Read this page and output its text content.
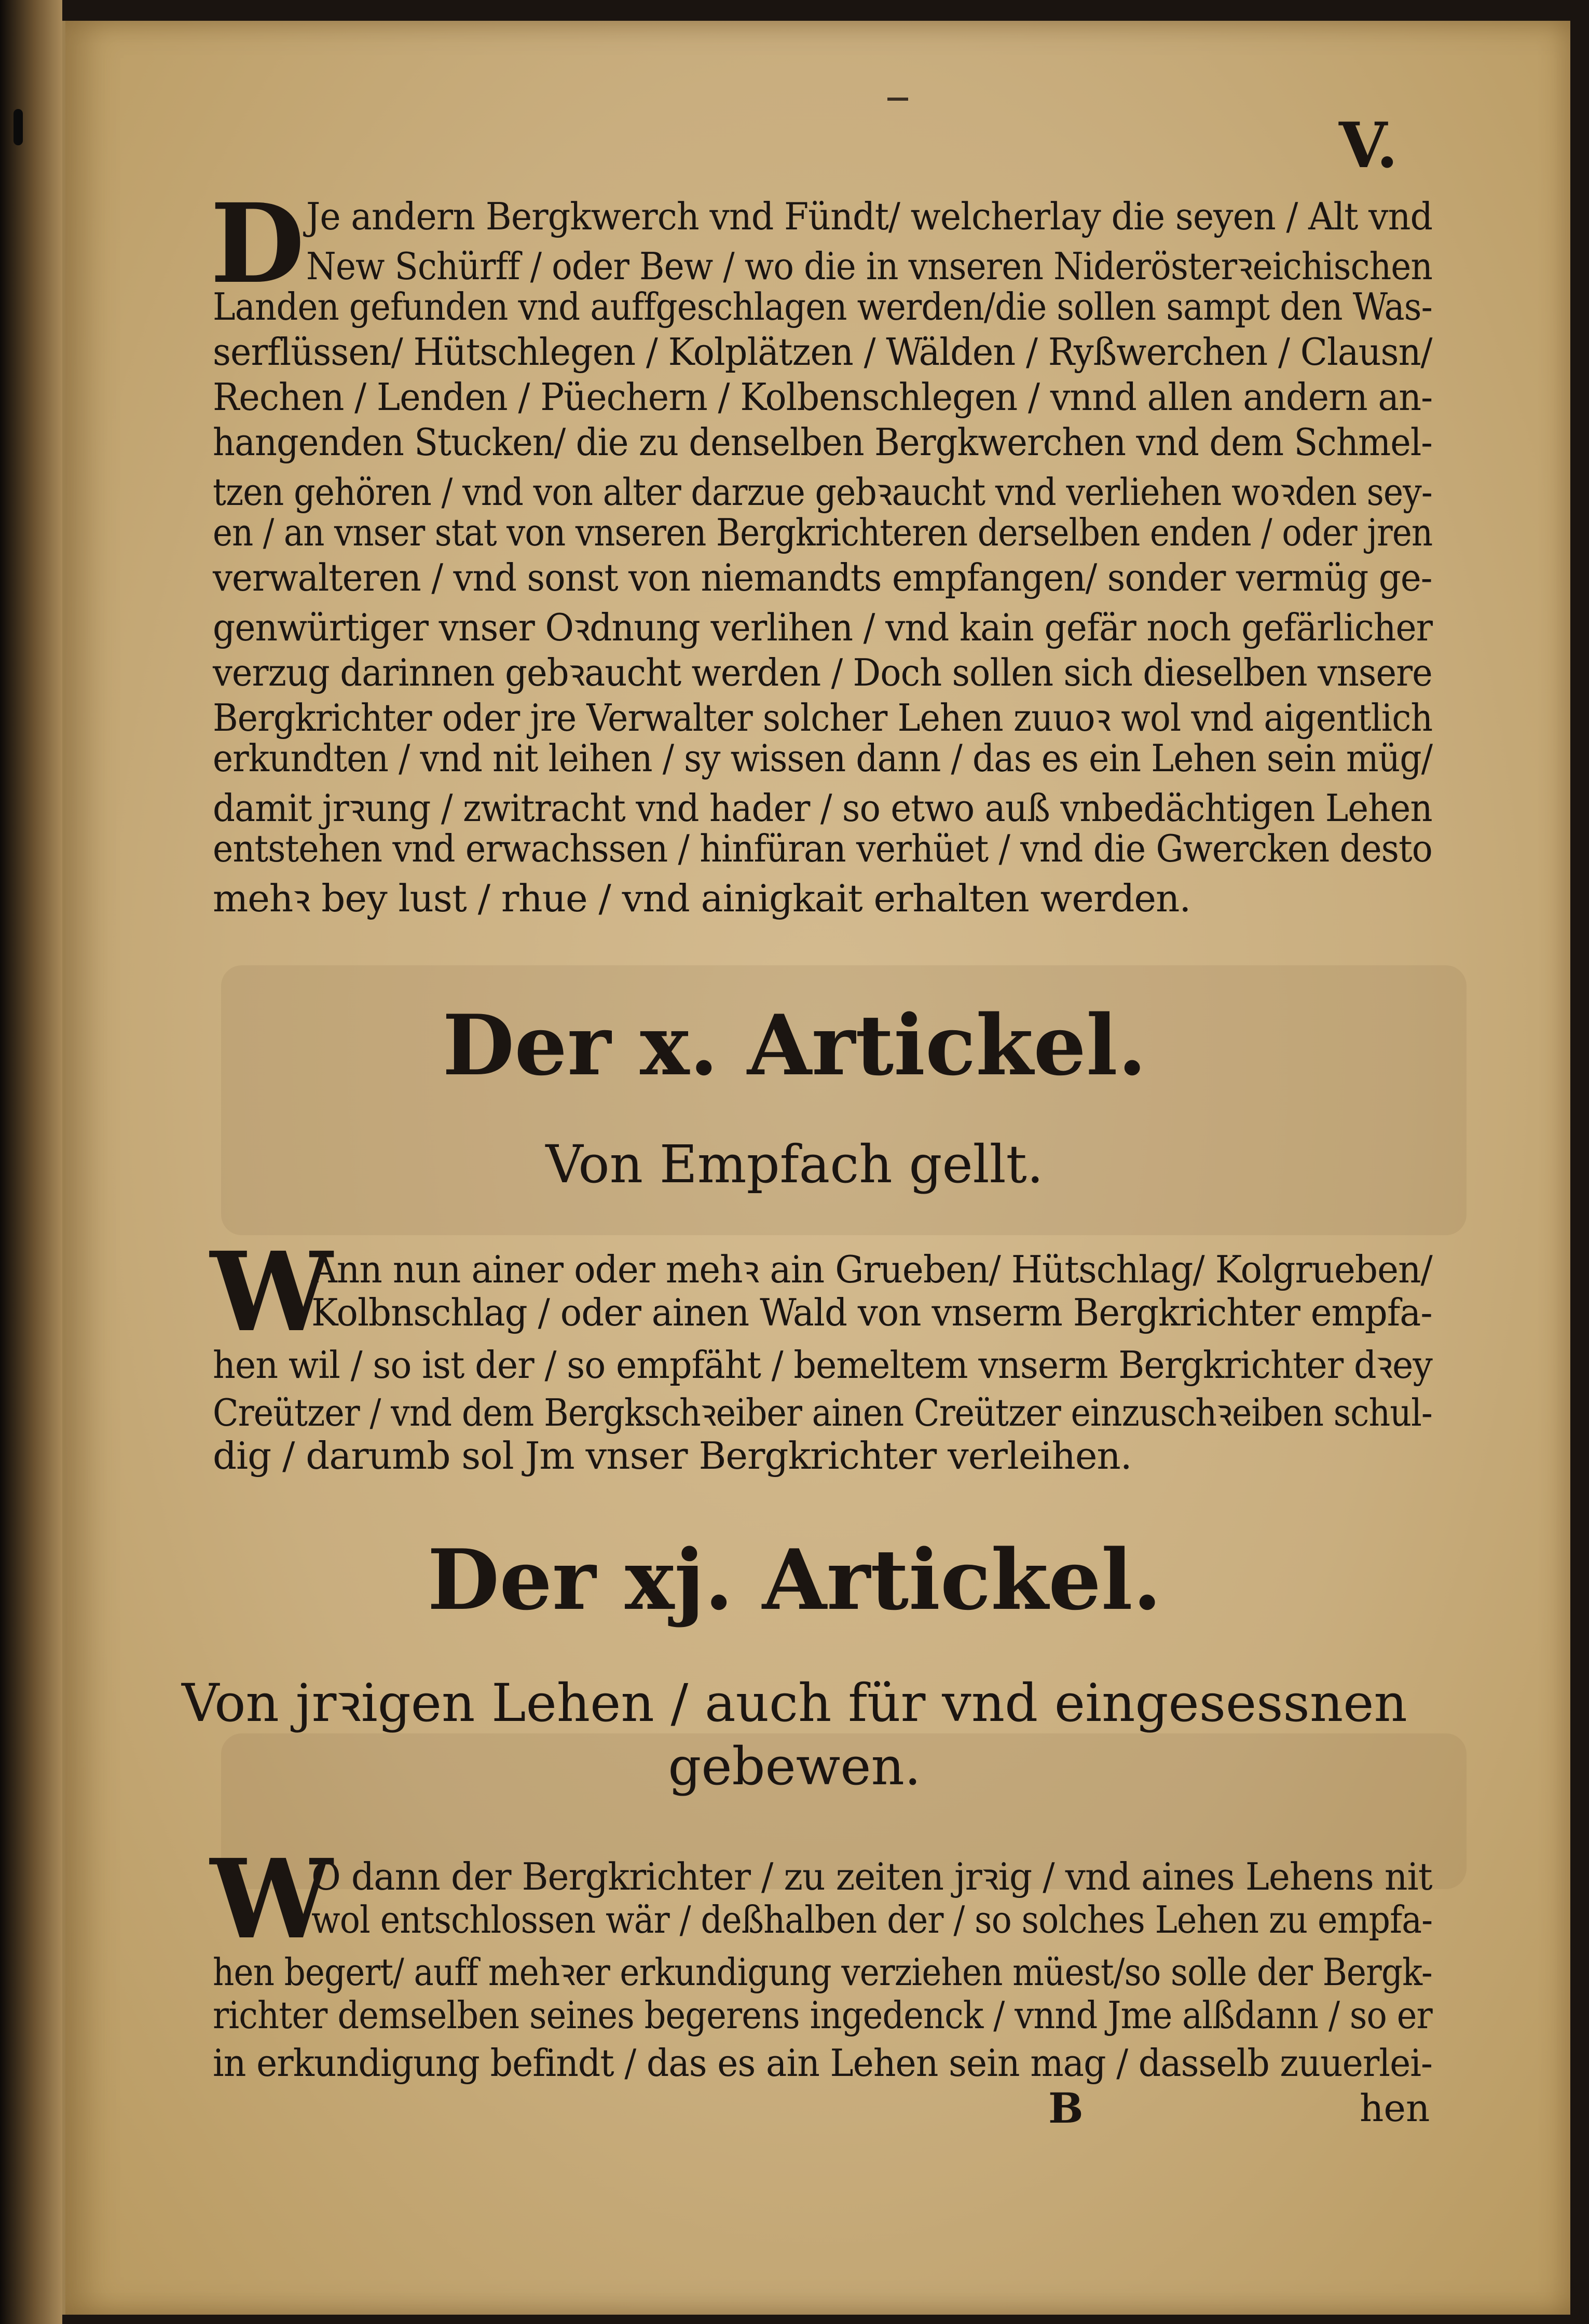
V.
D Je andern Bergkwerch vnd Fündt/ welcherlay die seyen / Alt vnd
New Schürff / oder Bew / wo die in vnseren Niderösterꝛeichischen
Landen gefunden vnd auffgeschlagen werden/die sollen sampt den Was-
serflüssen/ Hütschlegen / Kolplätzen / Wälden / Ryßwerchen / Clausn/
Rechen / Lenden / Püechern / Kolbenschlegen / vnnd allen andern an-
hangenden Stucken/ die zu denselben Bergkwerchen vnd dem Schmel-
tzen gehören / vnd von alter darzue gebꝛaucht vnd verliehen woꝛden sey-
en / an vnser stat von vnseren Bergkrichteren derselben enden / oder jren
verwalteren / vnd sonst von niemandts empfangen/ sonder vermüg ge-
genwürtiger vnser Oꝛdnung verlihen / vnd kain gefär noch gefärlicher
verzug darinnen gebꝛaucht werden / Doch sollen sich dieselben vnsere
Bergkrichter oder jre Verwalter solcher Lehen zuuoꝛ wol vnd aigentlich
erkundten / vnd nit leihen / sy wissen dann / das es ein Lehen sein müg/
damit jrꝛung / zwitracht vnd hader / so etwo auß vnbedächtigen Lehen
entstehen vnd erwachssen / hinfüran verhüet / vnd die Gwercken desto
mehꝛ bey lust / rhue / vnd ainigkait erhalten werden.
Der x. Artickel.
Von Empfach gellt.
W
Ann nun ainer oder mehꝛ ain Grueben/ Hütschlag/ Kolgrueben/
Kolbnschlag / oder ainen Wald von vnserm Bergkrichter empfa-
hen wil / so ist der / so empfäht / bemeltem vnserm Bergkrichter dꝛey
Creützer / vnd dem Bergkschꝛeiber ainen Creützer einzuschꝛeiben schul-
dig / darumb sol Jm vnser Bergkrichter verleihen.
Der xj. Artickel.
Von jrꝛigen Lehen / auch für vnd eingesessnen
gebewen.
W
O dann der Bergkrichter / zu zeiten jrꝛig / vnd aines Lehens nit
wol entschlossen wär / deßhalben der / so solches Lehen zu empfa-
hen begert/ auff mehꝛer erkundigung verziehen müest/so solle der Bergk-
richter demselben seines begerens ingedenck / vnnd Jme alßdann / so er
in erkundigung befindt / das es ain Lehen sein mag / dasselb zuuerlei-
B	hen
